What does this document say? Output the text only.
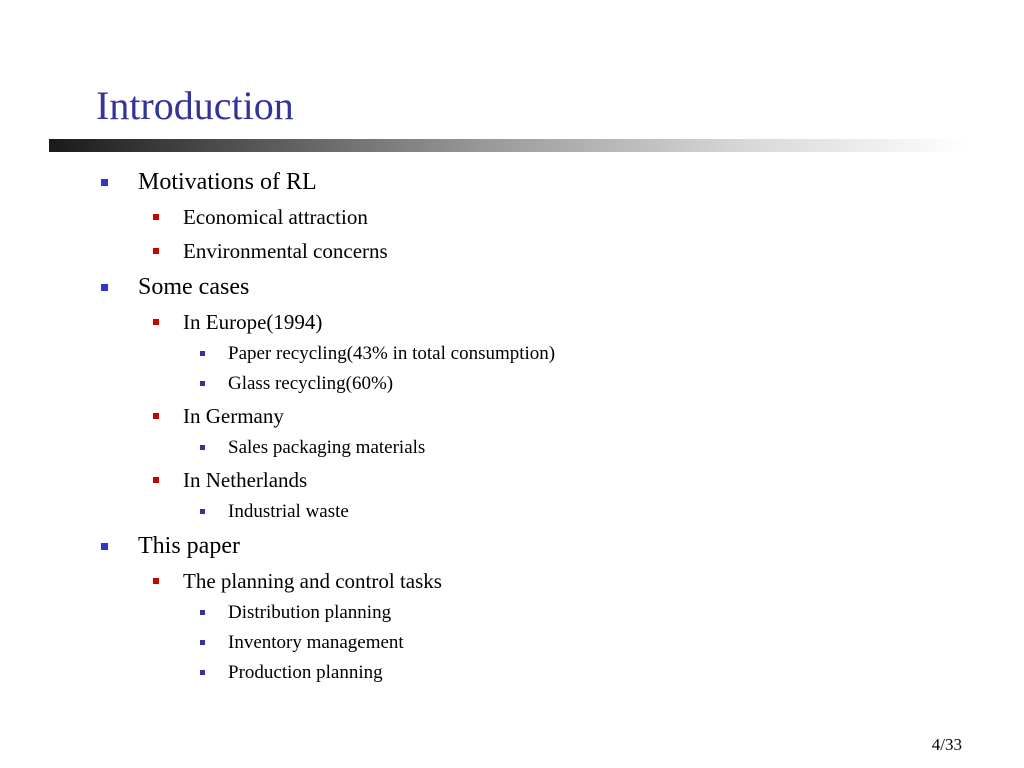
Introduction
Motivations of RL
Economical attraction
Environmental concerns
Some cases
In Europe(1994)
Paper recycling(43% in total consumption)
Glass recycling(60%)
In Germany
Sales packaging materials
In Netherlands
Industrial waste
This paper
The planning and control tasks
Distribution planning
Inventory management
Production planning
4/33
